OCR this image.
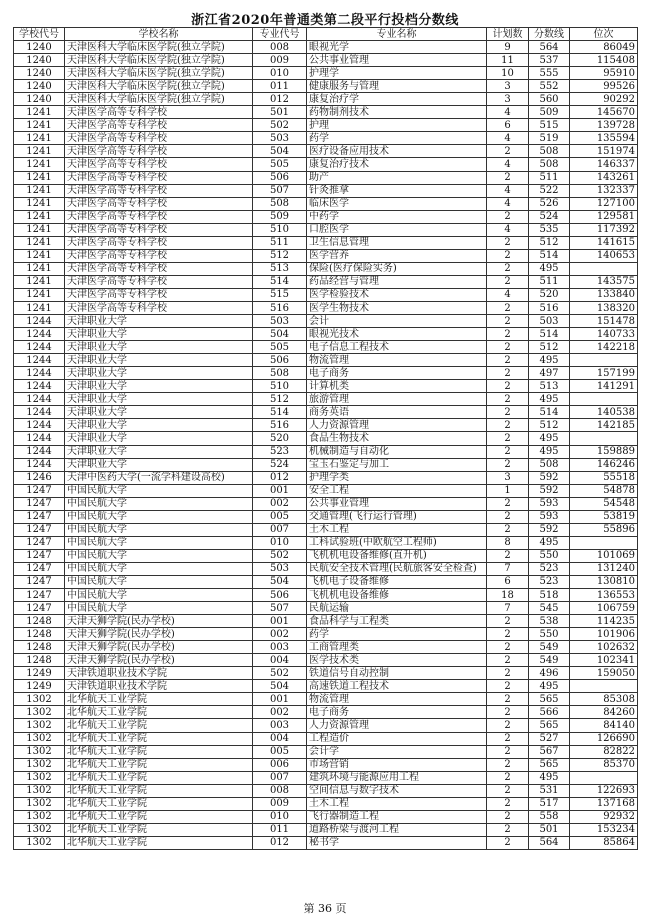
浙江省2020年普通类第二段平行投档分数线
学校代号	学校名称	专业代号	专业名称	计划数	分数线	位次
1240	天津医科大学临床医学院(独立学院)	008	眼视光学	9	564	86049
1240	天津医科大学临床医学院(独立学院)	009	公共事业管理	11	537	115408
1240	天津医科大学临床医学院(独立学院)	010	护理学	10	555	95910
1240	天津医科大学临床医学院(独立学院)	011	健康服务与管理	3	552	99526
1240	天津医科大学临床医学院(独立学院)	012	康复治疗学	3	560	90292
1241	天津医学高等专科学校	501	药物制剂技术	4	509	145670
1241	天津医学高等专科学校	502	护理	6	515	139728
1241	天津医学高等专科学校	503	药学	4	519	135594
1241	天津医学高等专科学校	504	医疗设备应用技术	2	508	151974
1241	天津医学高等专科学校	505	康复治疗技术	4	508	146337
1241	天津医学高等专科学校	506	助产	2	511	143261
1241	天津医学高等专科学校	507	针灸推拿	4	522	132337
1241	天津医学高等专科学校	508	临床医学	4	526	127100
1241	天津医学高等专科学校	509	中药学	2	524	129581
1241	天津医学高等专科学校	510	口腔医学	4	535	117392
1241	天津医学高等专科学校	511	卫生信息管理	2	512	141615
1241	天津医学高等专科学校	512	医学营养	2	514	140653
1241	天津医学高等专科学校	513	保险(医疗保险实务)	2	495	
1241	天津医学高等专科学校	514	药品经营与管理	2	511	143575
1241	天津医学高等专科学校	515	医学检验技术	4	520	133840
1241	天津医学高等专科学校	516	医学生物技术	2	516	138320
1244	天津职业大学	503	会计	2	503	151478
1244	天津职业大学	504	眼视光技术	2	514	140733
1244	天津职业大学	505	电子信息工程技术	2	512	142218
1244	天津职业大学	506	物流管理	2	495	
1244	天津职业大学	508	电子商务	2	497	157199
1244	天津职业大学	510	计算机类	2	513	141291
1244	天津职业大学	512	旅游管理	2	495	
1244	天津职业大学	514	商务英语	2	514	140538
1244	天津职业大学	516	人力资源管理	2	512	142185
1244	天津职业大学	520	食品生物技术	2	495	
1244	天津职业大学	523	机械制造与自动化	2	495	159889
1244	天津职业大学	524	宝玉石鉴定与加工	2	508	146246
1246	天津中医药大学(一流学科建设高校)	012	护理学类	3	592	55518
1247	中国民航大学	001	安全工程	1	592	54878
1247	中国民航大学	002	公共事业管理	2	593	54548
1247	中国民航大学	005	交通管理(飞行运行管理)	2	593	53819
1247	中国民航大学	007	土木工程	2	592	55896
1247	中国民航大学	010	工科试验班(中欧航空工程师)	8	495	
1247	中国民航大学	502	飞机机电设备维修(直升机)	2	550	101069
1247	中国民航大学	503	民航安全技术管理(民航旅客安全检查)	7	523	131240
1247	中国民航大学	504	飞机电子设备维修	6	523	130810
1247	中国民航大学	506	飞机机电设备维修	18	518	136553
1247	中国民航大学	507	民航运输	7	545	106759
1248	天津天狮学院(民办学校)	001	食品科学与工程类	2	538	114235
1248	天津天狮学院(民办学校)	002	药学	2	550	101906
1248	天津天狮学院(民办学校)	003	工商管理类	2	549	102632
1248	天津天狮学院(民办学校)	004	医学技术类	2	549	102341
1249	天津铁道职业技术学院	502	铁道信号自动控制	2	496	159050
1249	天津铁道职业技术学院	504	高速铁道工程技术	2	495	
1302	北华航天工业学院	001	物流管理	2	565	85308
1302	北华航天工业学院	002	电子商务	2	566	84260
1302	北华航天工业学院	003	人力资源管理	2	565	84140
1302	北华航天工业学院	004	工程造价	2	527	126690
1302	北华航天工业学院	005	会计学	2	567	82822
1302	北华航天工业学院	006	市场营销	2	565	85370
1302	北华航天工业学院	007	建筑环境与能源应用工程	2	495	
1302	北华航天工业学院	008	空间信息与数字技术	2	531	122693
1302	北华航天工业学院	009	土木工程	2	517	137168
1302	北华航天工业学院	010	飞行器制造工程	2	558	92932
1302	北华航天工业学院	011	道路桥梁与渡河工程	2	501	153234
1302	北华航天工业学院	012	秘书学	2	564	85864
第 36 页
